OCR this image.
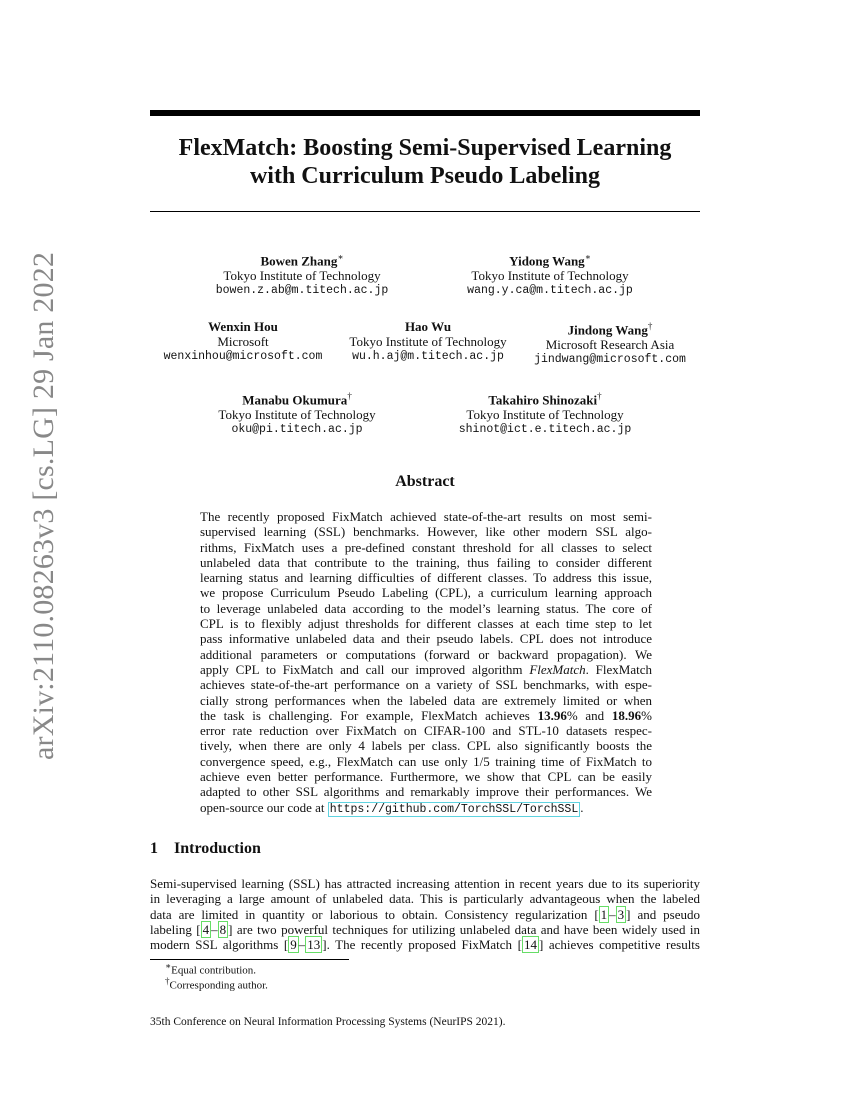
arXiv:2110.08263v3 [cs.LG] 29 Jan 2022
FlexMatch: Boosting Semi-Supervised Learning
with Curriculum Pseudo Labeling
Bowen Zhang∗
Tokyo Institute of Technology
bowen.z.ab@m.titech.ac.jp
Yidong Wang∗
Tokyo Institute of Technology
wang.y.ca@m.titech.ac.jp
Wenxin Hou
Microsoft
wenxinhou@microsoft.com
Hao Wu
Tokyo Institute of Technology
wu.h.aj@m.titech.ac.jp
Jindong Wang†
Microsoft Research Asia
jindwang@microsoft.com
Manabu Okumura†
Tokyo Institute of Technology
oku@pi.titech.ac.jp
Takahiro Shinozaki†
Tokyo Institute of Technology
shinot@ict.e.titech.ac.jp
Abstract
The recently proposed FixMatch achieved state-of-the-art results on most semi-
supervised learning (SSL) benchmarks. However, like other modern SSL algo-
rithms, FixMatch uses a pre-defined constant threshold for all classes to select
unlabeled data that contribute to the training, thus failing to consider different
learning status and learning difficulties of different classes. To address this issue,
we propose Curriculum Pseudo Labeling (CPL), a curriculum learning approach
to leverage unlabeled data according to the model’s learning status. The core of
CPL is to flexibly adjust thresholds for different classes at each time step to let
pass informative unlabeled data and their pseudo labels. CPL does not introduce
additional parameters or computations (forward or backward propagation). We
apply CPL to FixMatch and call our improved algorithm FlexMatch. FlexMatch
achieves state-of-the-art performance on a variety of SSL benchmarks, with espe-
cially strong performances when the labeled data are extremely limited or when
the task is challenging. For example, FlexMatch achieves 13.96% and 18.96%
error rate reduction over FixMatch on CIFAR-100 and STL-10 datasets respec-
tively, when there are only 4 labels per class. CPL also significantly boosts the
convergence speed, e.g., FlexMatch can use only 1/5 training time of FixMatch to
achieve even better performance. Furthermore, we show that CPL can be easily
adapted to other SSL algorithms and remarkably improve their performances. We
open-source our code at https://github.com/TorchSSL/TorchSSL .
1 Introduction
Semi-supervised learning (SSL) has attracted increasing attention in recent years due to its superiority
in leveraging a large amount of unlabeled data. This is particularly advantageous when the labeled
data are limited in quantity or laborious to obtain. Consistency regularization [ 1 – 3 ] and pseudo
labeling [ 4 – 8 ] are two powerful techniques for utilizing unlabeled data and have been widely used in
modern SSL algorithms [ 9 – 13 ]. The recently proposed FixMatch [ 14 ] achieves competitive results
∗Equal contribution.
†Corresponding author.
35th Conference on Neural Information Processing Systems (NeurIPS 2021).
